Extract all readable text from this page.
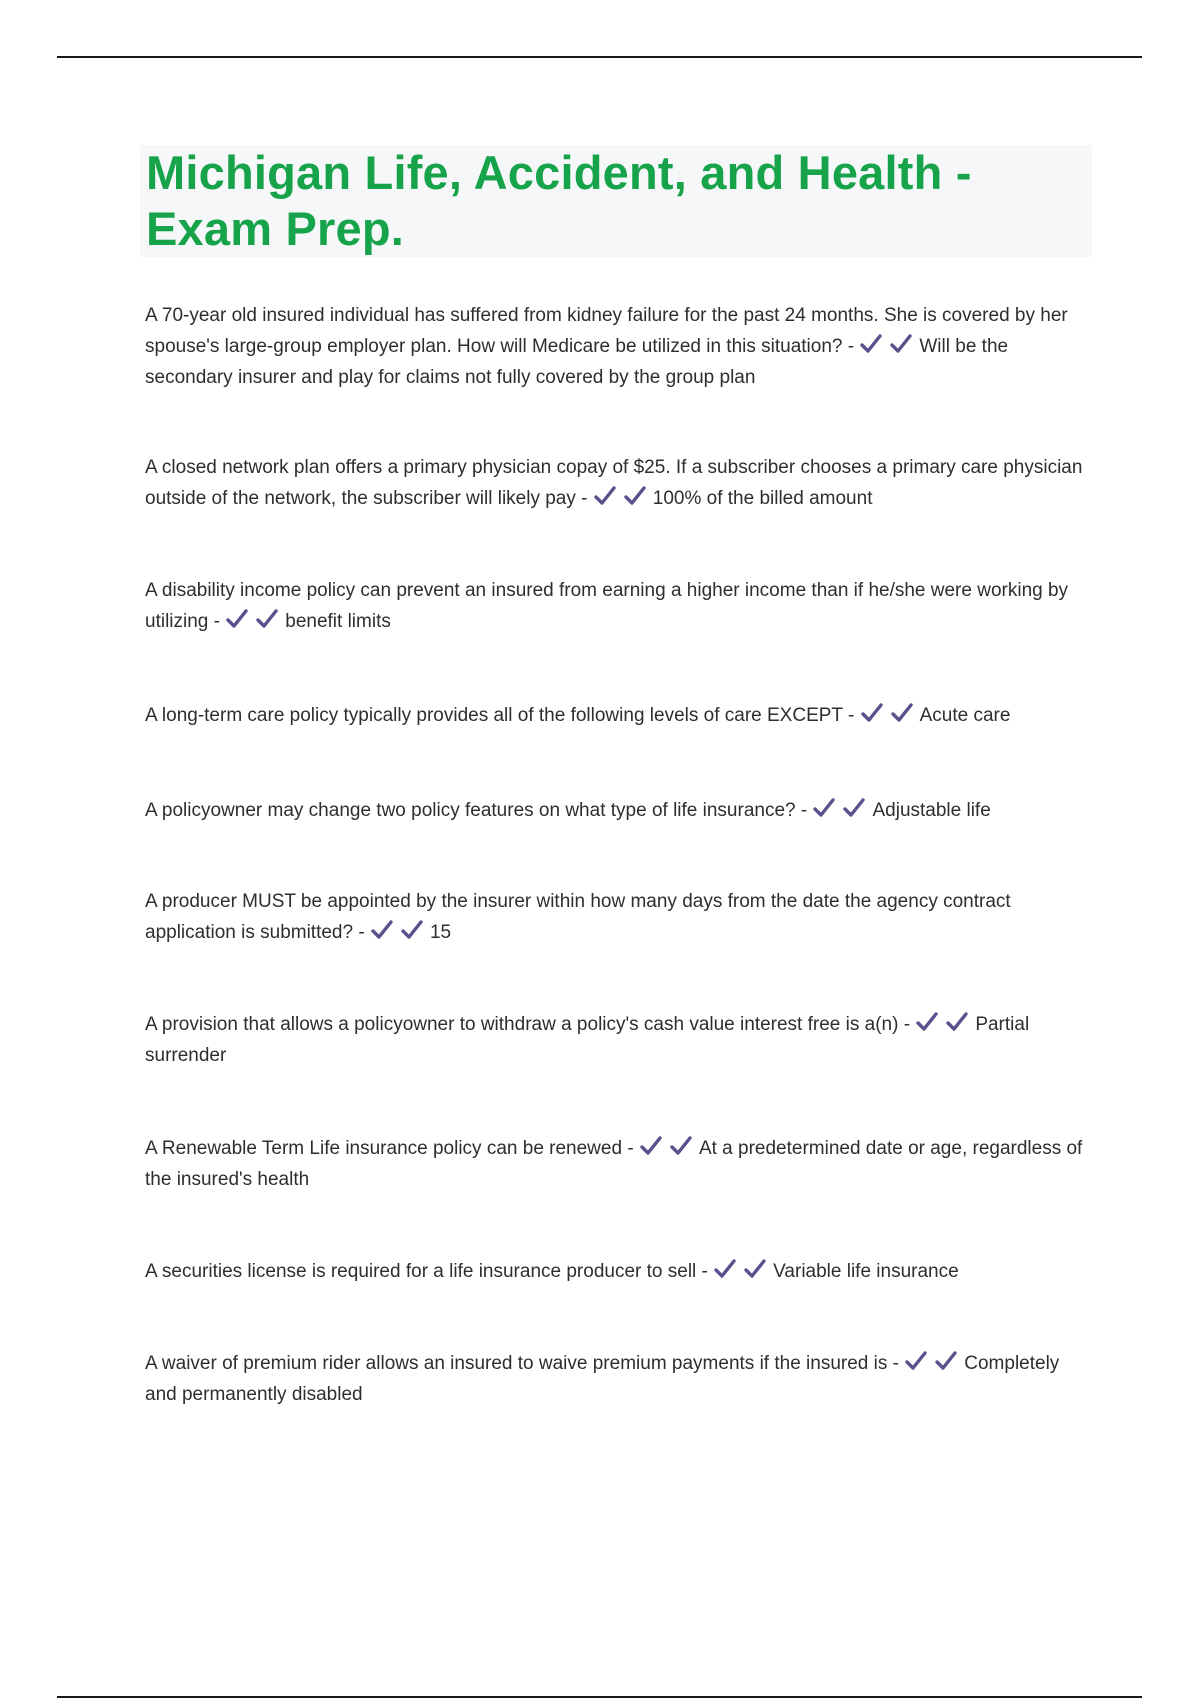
Michigan Life, Accident, and Health - Exam Prep.

A 70-year old insured individual has suffered from kidney failure for the past 24 months. She is covered by her spouse's large-group employer plan. How will Medicare be utilized in this situation? -	Will be the secondary insurer and play for claims not fully covered by the group plan

A closed network plan offers a primary physician copay of $25. If a subscriber chooses a primary care physician outside of the network, the subscriber will likely pay -	100% of the billed amount

A disability income policy can prevent an insured from earning a higher income than if he/she were working by utilizing -	benefit limits

A long-term care policy typically provides all of the following levels of care EXCEPT -	Acute care

A policyowner may change two policy features on what type of life insurance? -	Adjustable life

A producer MUST be appointed by the insurer within how many days from the date the agency contract application is submitted? -	15

A provision that allows a policyowner to withdraw a policy's cash value interest free is a(n) -	Partial surrender

A Renewable Term Life insurance policy can be renewed -	At a predetermined date or age, regardless of the insured's health

A securities license is required for a life insurance producer to sell -	Variable life insurance

A waiver of premium rider allows an insured to waive premium payments if the insured is -	Completely and permanently disabled
